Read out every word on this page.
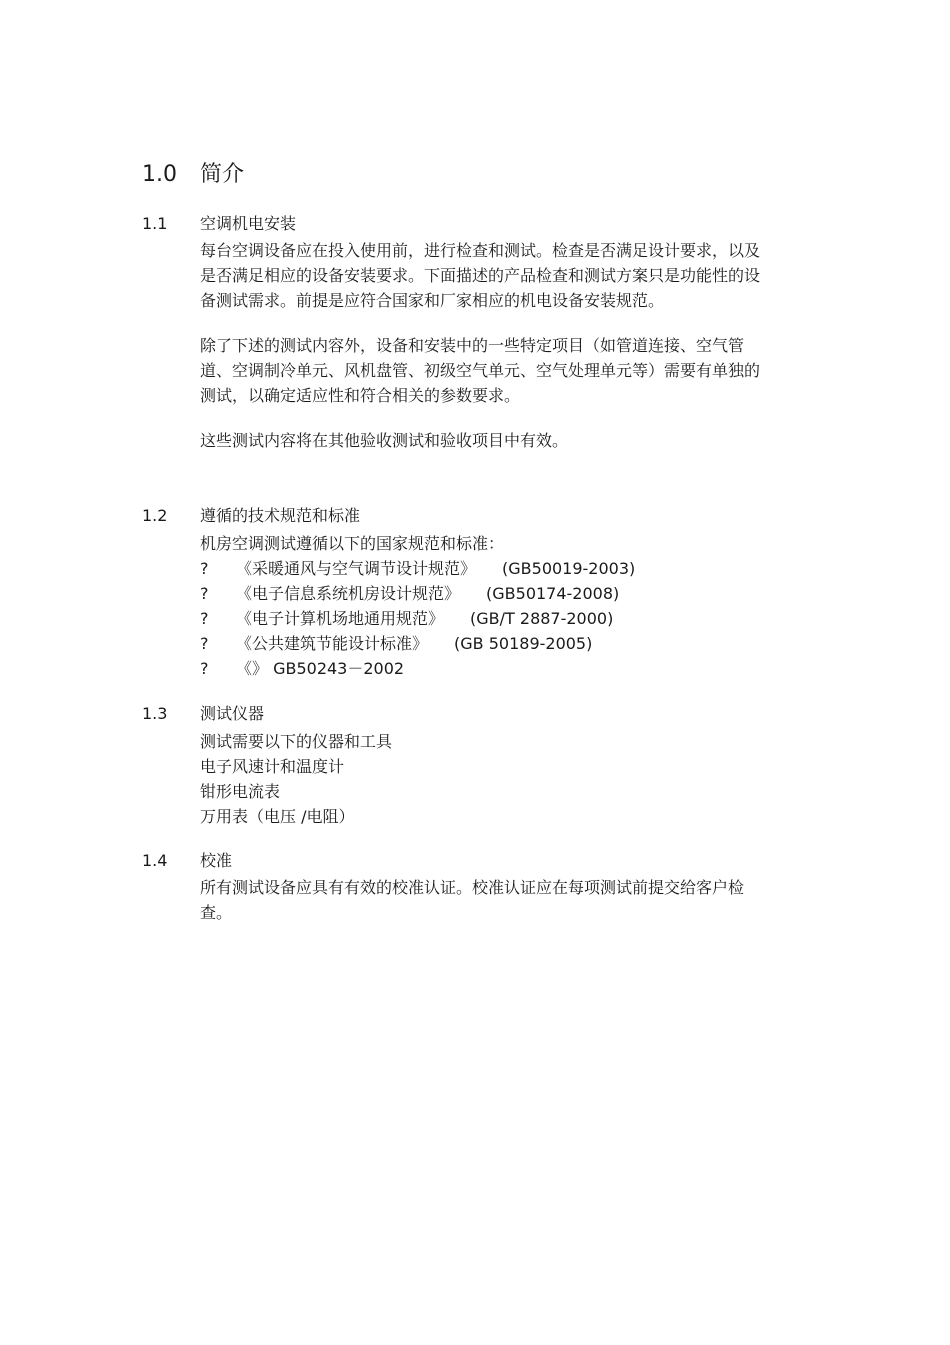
1.0 简介
1.1 空调机电安装
每台空调设备应在投入使用前，进行检查和测试。检查是否满足设计要求，以及是否满足相应的设备安装要求。下面描述的产品检查和测试方案只是功能性的设备测试需求。前提是应符合国家和厂家相应的机电设备安装规范。
除了下述的测试内容外，设备和安装中的一些特定项目（如管道连接、空气管道、空调制冷单元、风机盘管、初级空气单元、空气处理单元等）需要有单独的测试，以确定适应性和符合相关的参数要求。
这些测试内容将在其他验收测试和验收项目中有效。
1.2 遵循的技术规范和标准
机房空调测试遵循以下的国家规范和标准：
? 《采暖通风与空气调节设计规范》 (GB50019-2003)
? 《电子信息系统机房设计规范》 (GB50174-2008)
? 《电子计算机场地通用规范》 (GB/T 2887-2000)
? 《公共建筑节能设计标准》 (GB 50189-2005)
? 《》 GB50243－2002
1.3 测试仪器
测试需要以下的仪器和工具
电子风速计和温度计
钳形电流表
万用表（电压 /电阻）
1.4 校准
所有测试设备应具有有效的校准认证。校准认证应在每项测试前提交给客户检查。
